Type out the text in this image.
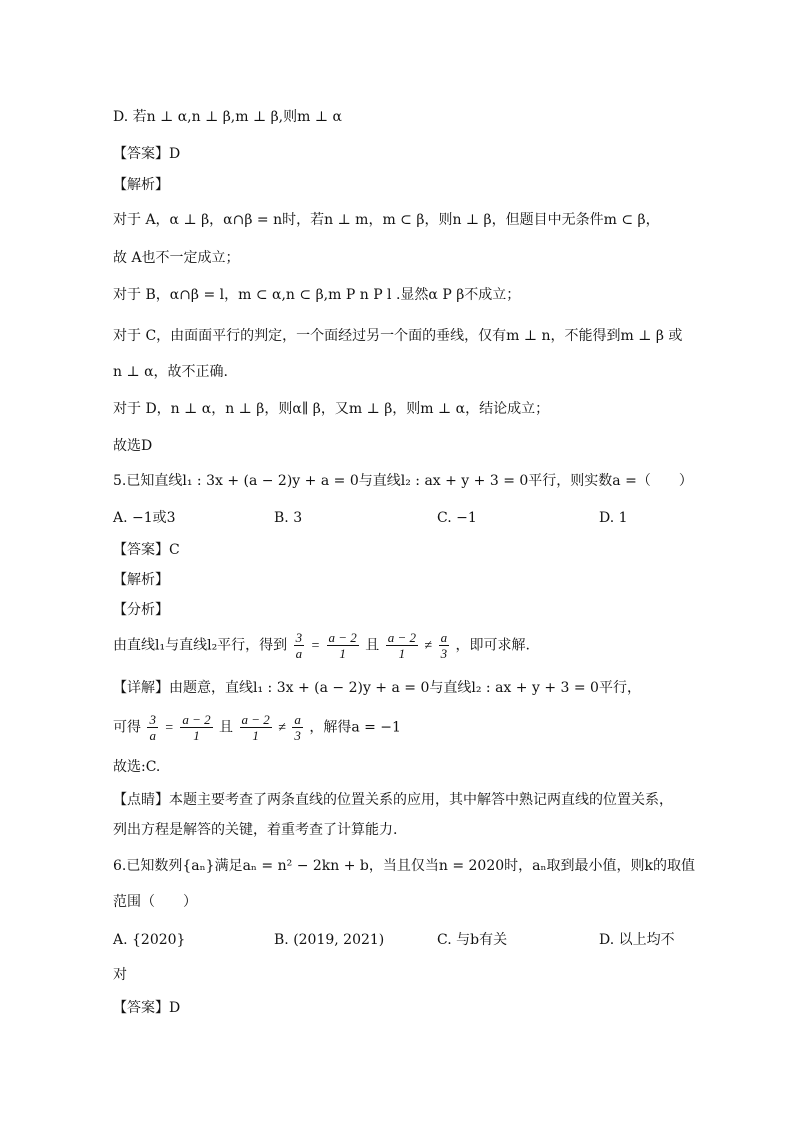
D. 若n ⊥ α,n ⊥ β,m ⊥ β,则m ⊥ α
【答案】D
【解析】
对于 A，α ⊥ β，α∩β = n时，若n ⊥ m，m ⊂ β，则n ⊥ β，但题目中无条件m ⊂ β，
故 A也不一定成立；
对于 B，α∩β = l，m ⊂ α,n ⊂ β,m P n P l .显然α P β不成立；
对于 C，由面面平行的判定，一个面经过另一个面的垂线，仅有m ⊥ n，不能得到m ⊥ β 或
n ⊥ α，故不正确.
对于 D，n ⊥ α，n ⊥ β，则α∥ β，又m ⊥ β，则m ⊥ α，结论成立；
故选D
5.已知直线l₁ : 3x + (a − 2)y + a = 0与直线l₂ : ax + y + 3 = 0平行，则实数a =（　　）
A. −1或3	B. 3	C. −1	D. 1
【答案】C
【解析】
【分析】
由直线l₁与直线l₂平行，得到 $\frac{3}{a} = \frac{a - 2}{1}$ 且 $\frac{a - 2}{1} \ne \frac{a}{3}$ ，即可求解.
【详解】由题意，直线l₁ : 3x + (a − 2)y + a = 0与直线l₂ : ax + y + 3 = 0平行，
可得 $\frac{3}{a} = \frac{a - 2}{1}$ 且 $\frac{a - 2}{1} \ne \frac{a}{3}$ ，解得a = −1
故选:C.
【点睛】本题主要考查了两条直线的位置关系的应用，其中解答中熟记两直线的位置关系，
列出方程是解答的关键，着重考查了计算能力.
6.已知数列{aₙ}满足aₙ = n² − 2kn + b，当且仅当n = 2020时，aₙ取到最小值，则k的取值
范围（　　）
A. {2020}	B. (2019, 2021)	C. 与b有关	D. 以上均不
对
【答案】D
